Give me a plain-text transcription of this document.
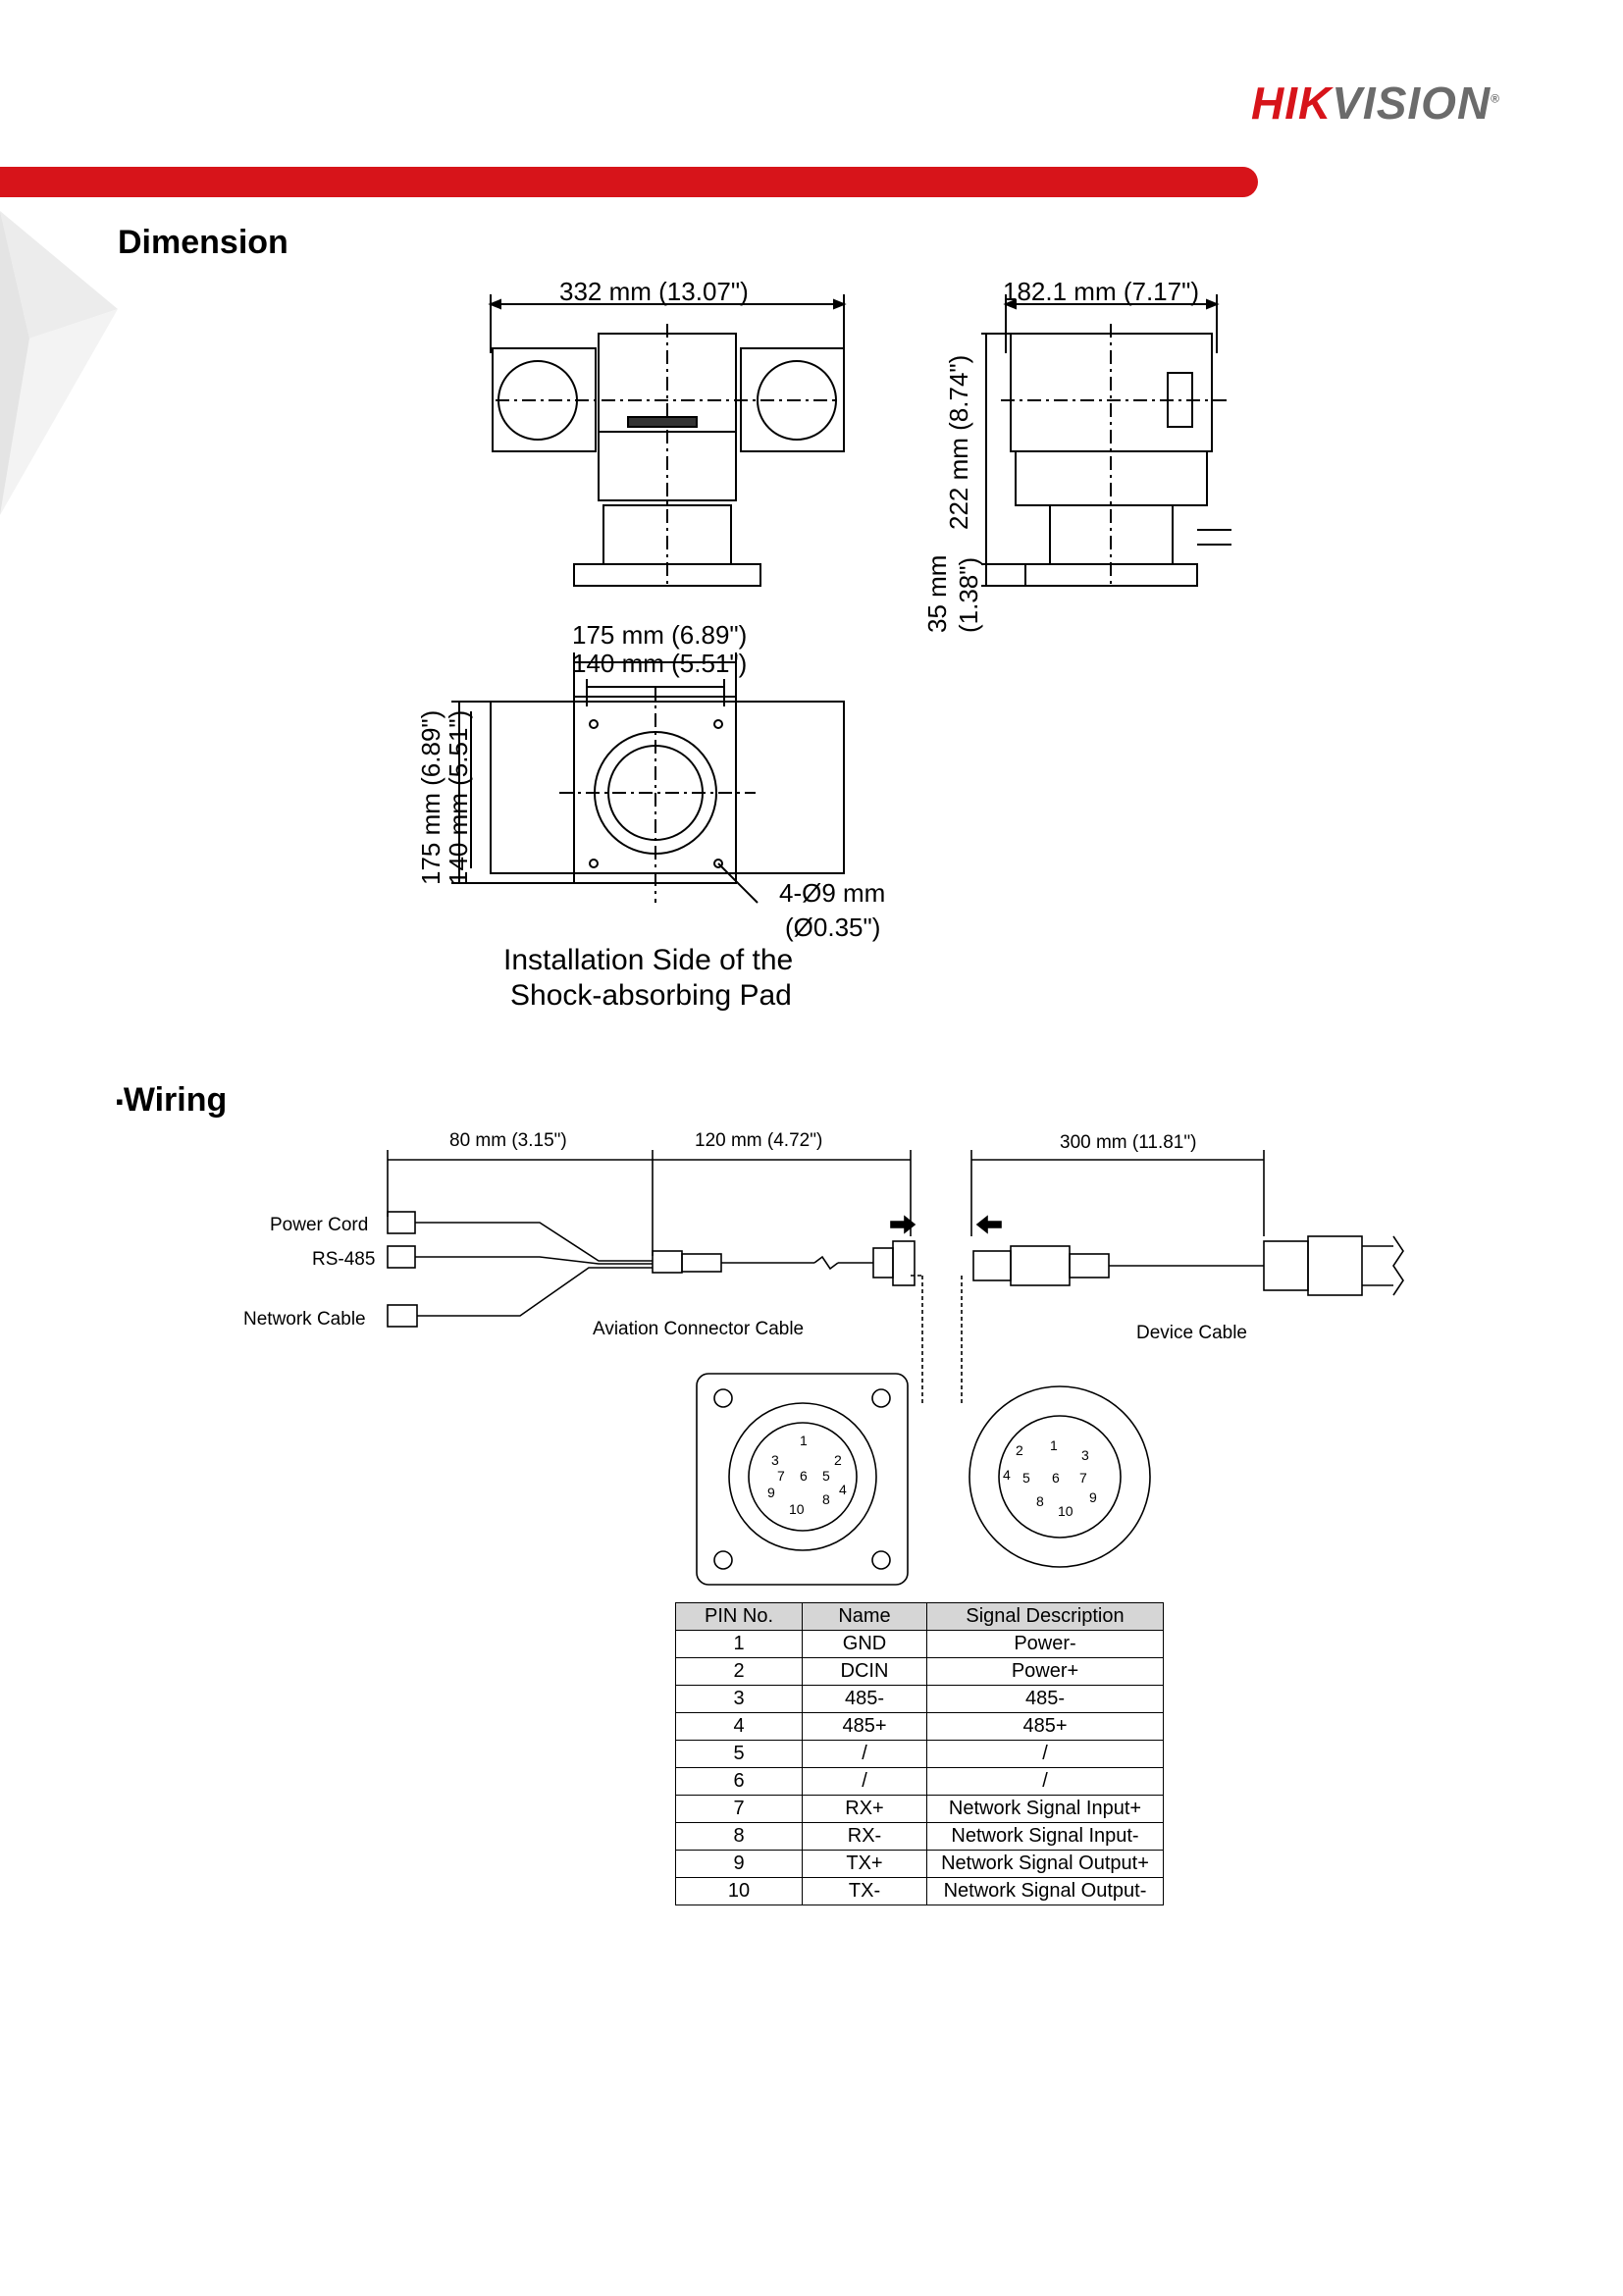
HIKVISION®
Dimension
332 mm (13.07")	182.1 mm (7.17")
222 mm (8.74")
35 mm (1.38")
175 mm (6.89")
140 mm (5.51")
175 mm (6.89")
140 mm (5.51")
4-Ø9 mm
(Ø0.35")
Installation Side of the
Shock-absorbing Pad
▪Wiring
1
2
3
4
5
6
7
8
9
10
1
2	3
4 5 6 7
8	9
10
80 mm (3.15")	120 mm (4.72")	300 mm (11.81")
Power Cord
RS-485
Network Cable	Aviation Connector Cable	Device Cable
PIN No.	Name	Signal Description
1	GND	Power-
2	DCIN	Power+
3	485-	485-
4	485+	485+
5	/	/
6	/	/
7	RX+	Network Signal Input+
8	RX-	Network Signal Input-
9	TX+	Network Signal Output+
10	TX-	Network Signal Output-
